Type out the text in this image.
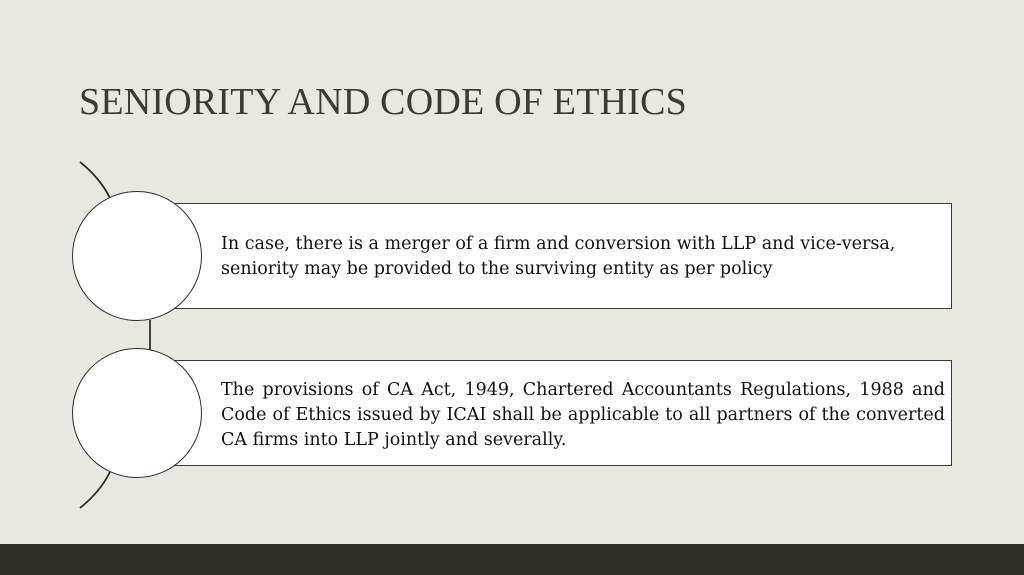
SENIORITY AND CODE OF ETHICS
In case, there is a merger of a firm and conversion with LLP and vice-versa, seniority may be provided to the surviving entity as per policy
The provisions of CA Act, 1949, Chartered Accountants Regulations, 1988 and Code of Ethics issued by ICAI shall be applicable to all partners of the converted CA firms into LLP jointly and severally.
